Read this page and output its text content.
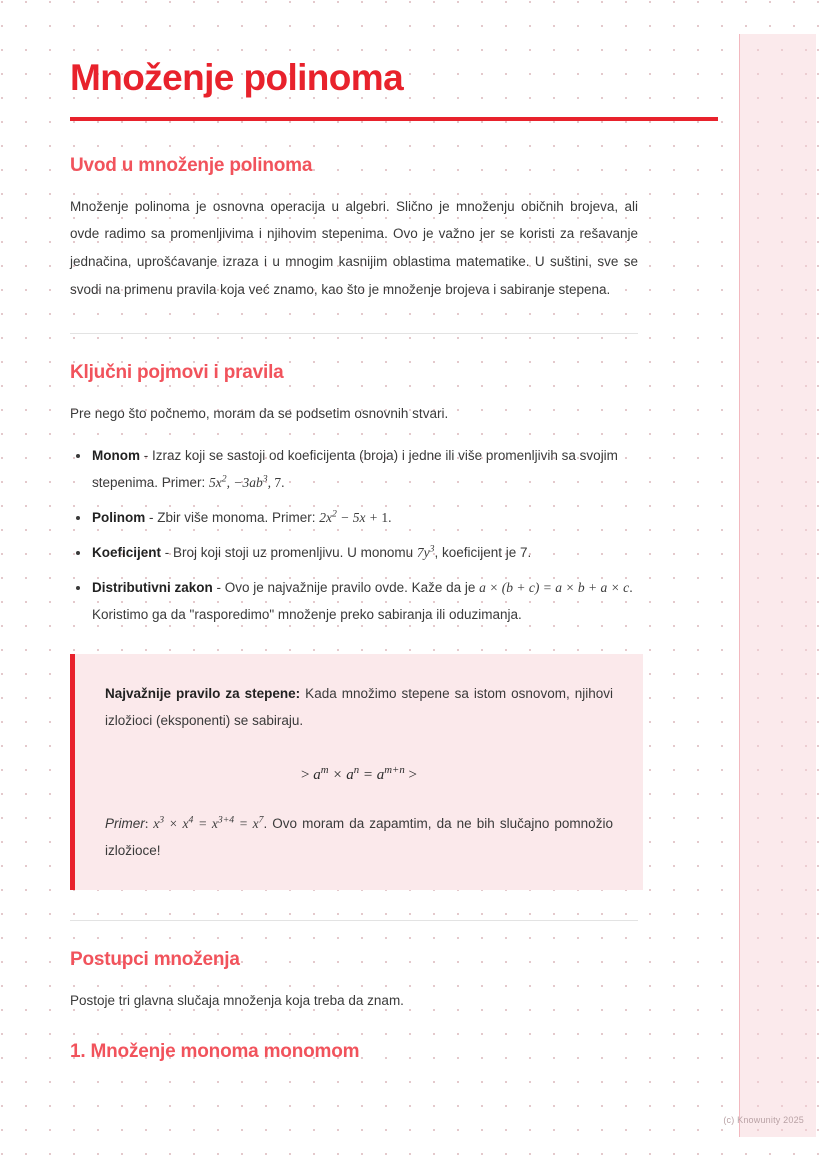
Množenje polinoma
Uvod u množenje polinoma

Množenje polinoma je osnovna operacija u algebri. Slično je množenju običnih brojeva, ali ovde radimo sa promenljivima i njihovim stepenima. Ovo je važno jer se koristi za rešavanje jednačina, uprošćavanje izraza i u mnogim kasnijim oblastima matematike. U suštini, sve se svodi na primenu pravila koja već znamo, kao što je množenje brojeva i sabiranje stepena.

Ključni pojmovi i pravila

Pre nego što počnemo, moram da se podsetim osnovnih stvari.

Monom - Izraz koji se sastoji od koeficijenta (broja) i jedne ili više promenljivih sa svojim stepenima. Primer: $5x^2$, $-3ab^3$, 7.
Polinom - Zbir više monoma. Primer: $2x^2 - 5x + 1$.
Koeficijent - Broj koji stoji uz promenljivu. U monomu $7y^3$, koeficijent je 7.
Distributivni zakon - Ovo je najvažnije pravilo ovde. Kaže da je a × (b + c) = a × b + a × c. Koristimo ga da "rasporedimo" množenje preko sabiranja ili oduzimanja.

Najvažnije pravilo za stepene: Kada množimo stepene sa istom osnovom, njihovi izložioci (eksponenti) se sabiraju.

> $a^m \times a^n = a^{m+n}$ >

Primer: $x^3 \times x^4 = x^{3+4} = x^7$. Ovo moram da zapamtim, da ne bih slučajno pomnožio izložioce!

Postupci množenja

Postoje tri glavna slučaja množenja koja treba da znam.

1. Množenje monoma monomom
(c) Knowunity 2025
